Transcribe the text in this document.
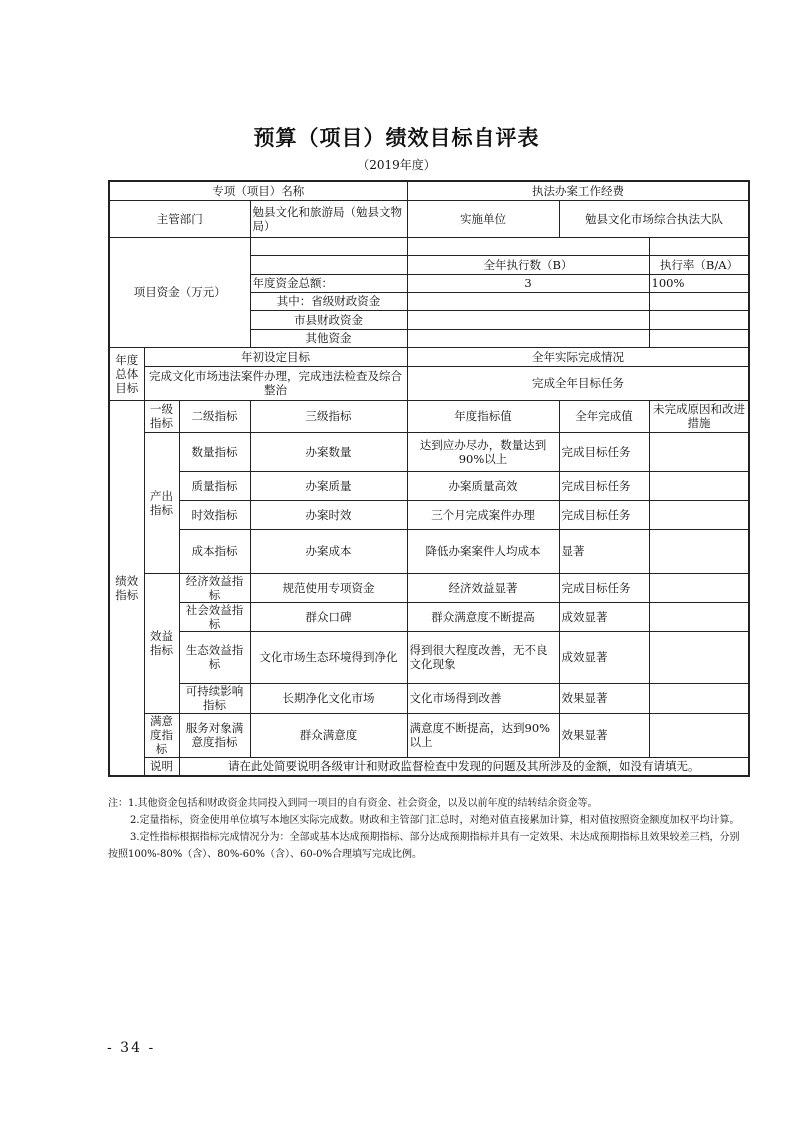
预算（项目）绩效目标自评表
（2019年度）
专项（项目）名称				执法办案工作经费		
主管部门			勉县文化和旅游局（勉县文物局）	实施单位	勉县文化市场综合执法大队	
项目资金（万元）						
				全年执行数（B）		执行率（B/A）
			年度资金总额：	3		100%
			其中：省级财政资金			
			市县财政资金			
			其他资金			
年度总体目标	年初设定目标			全年实际完成情况		
	完成文化市场违法案件办理，完成违法检查及综合整治			完成全年目标任务		
绩效指标	一级指标	二级指标	三级指标	年度指标值	全年完成值	未完成原因和改进措施
	产出指标	数量指标	办案数量	达到应办尽办，数量达到90%以上	完成目标任务	
		质量指标	办案质量	办案质量高效	完成目标任务	
		时效指标	办案时效	三个月完成案件办理	完成目标任务	
		成本指标	办案成本	降低办案案件人均成本	显著	
	效益指标	经济效益指标	规范使用专项资金	经济效益显著	完成目标任务	
		社会效益指标	群众口碑	群众满意度不断提高	成效显著	
		生态效益指标	文化市场生态环境得到净化	得到很大程度改善，无不良文化现象	成效显著	
		可持续影响指标	长期净化文化市场	文化市场得到改善	效果显著	
	满意度指标	服务对象满意度指标	群众满意度	满意度不断提高，达到90%以上	效果显著	
	说明	请在此处简要说明各级审计和财政监督检查中发现的问题及其所涉及的金额，如没有请填无。				

注：1.其他资金包括和财政资金共同投入到同一项目的自有资金、社会资金，以及以前年度的结转结余资金等。

2.定量指标，资金使用单位填写本地区实际完成数。财政和主管部门汇总时，对绝对值直接累加计算，相对值按照资金额度加权平均计算。

3.定性指标根据指标完成情况分为：全部或基本达成预期指标、部分达成预期指标并具有一定效果、未达成预期指标且效果较差三档，分别按照100%-80%（含）、80%-60%（含）、60-0%合理填写完成比例。

- 34 -
